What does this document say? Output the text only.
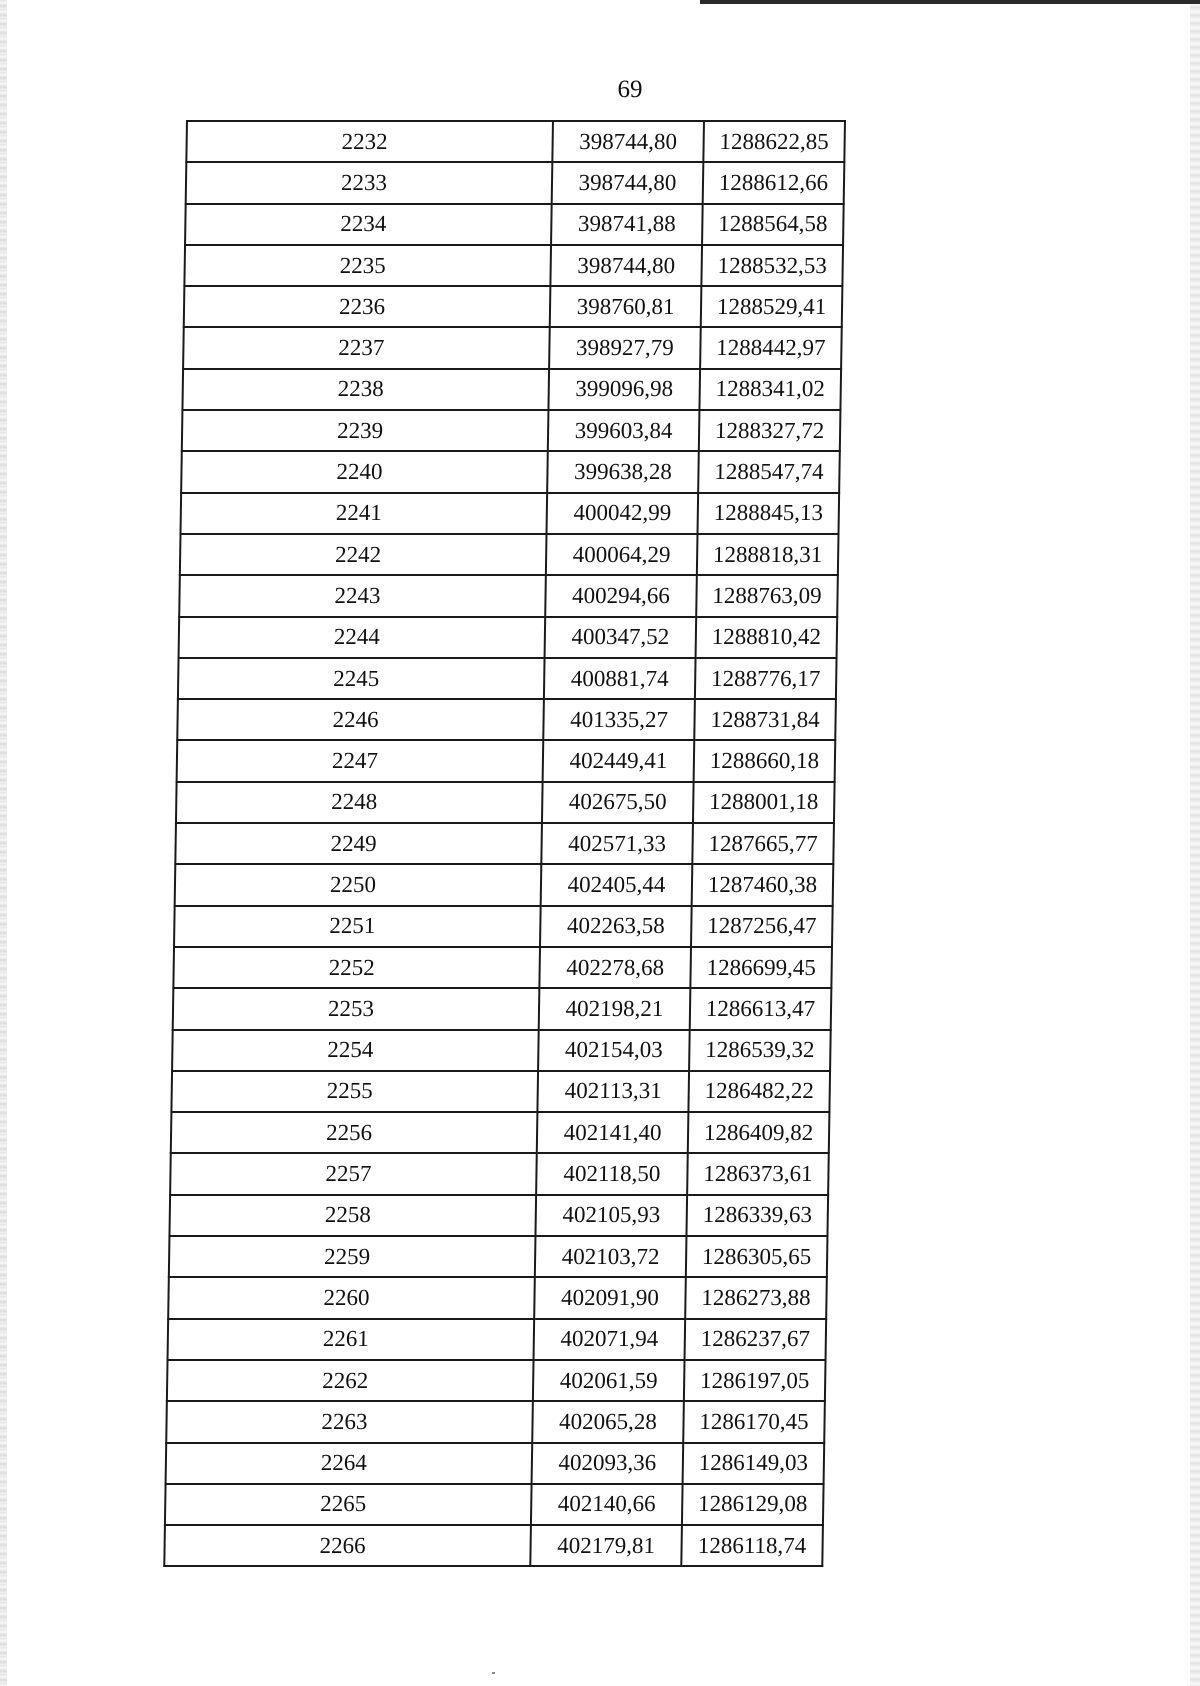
69
2232	398744,80	1288622,85
2233	398744,80	1288612,66
2234	398741,88	1288564,58
2235	398744,80	1288532,53
2236	398760,81	1288529,41
2237	398927,79	1288442,97
2238	399096,98	1288341,02
2239	399603,84	1288327,72
2240	399638,28	1288547,74
2241	400042,99	1288845,13
2242	400064,29	1288818,31
2243	400294,66	1288763,09
2244	400347,52	1288810,42
2245	400881,74	1288776,17
2246	401335,27	1288731,84
2247	402449,41	1288660,18
2248	402675,50	1288001,18
2249	402571,33	1287665,77
2250	402405,44	1287460,38
2251	402263,58	1287256,47
2252	402278,68	1286699,45
2253	402198,21	1286613,47
2254	402154,03	1286539,32
2255	402113,31	1286482,22
2256	402141,40	1286409,82
2257	402118,50	1286373,61
2258	402105,93	1286339,63
2259	402103,72	1286305,65
2260	402091,90	1286273,88
2261	402071,94	1286237,67
2262	402061,59	1286197,05
2263	402065,28	1286170,45
2264	402093,36	1286149,03
2265	402140,66	1286129,08
2266	402179,81	1286118,74
